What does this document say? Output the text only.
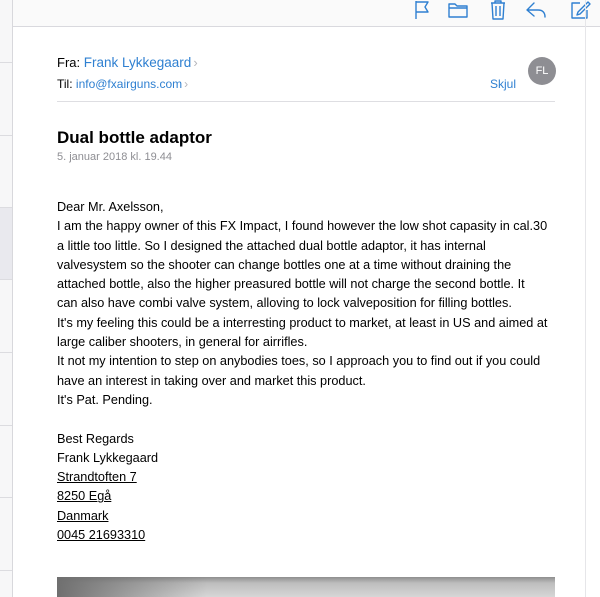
Fra: Frank Lykkegaard ›
Til: info@fxairguns.com ›	Skjul
FL
Dual bottle adaptor
5. januar 2018 kl. 19.44

Dear Mr. Axelsson,

I am the happy owner of this FX Impact, I found however the low shot capasity in cal.30

a little too little. So I designed the attached dual bottle adaptor, it has internal

valvesystem so the shooter can change bottles one at a time without draining the

attached bottle, also the higher preasured bottle will not charge the second bottle. It

can also have combi valve system, alloving to lock valveposition for filling bottles.

It's my feeling this could be a interresting product to market, at least in US and aimed at

large caliber shooters, in general for airrifles.

It not my intention to step on anybodies toes, so I approach you to find out if you could

have an interest in taking over and market this product.

It's Pat. Pending.

Best Regards

Frank Lykkegaard

Strandtoften 7

8250 Egå

Danmark

0045 21693310
